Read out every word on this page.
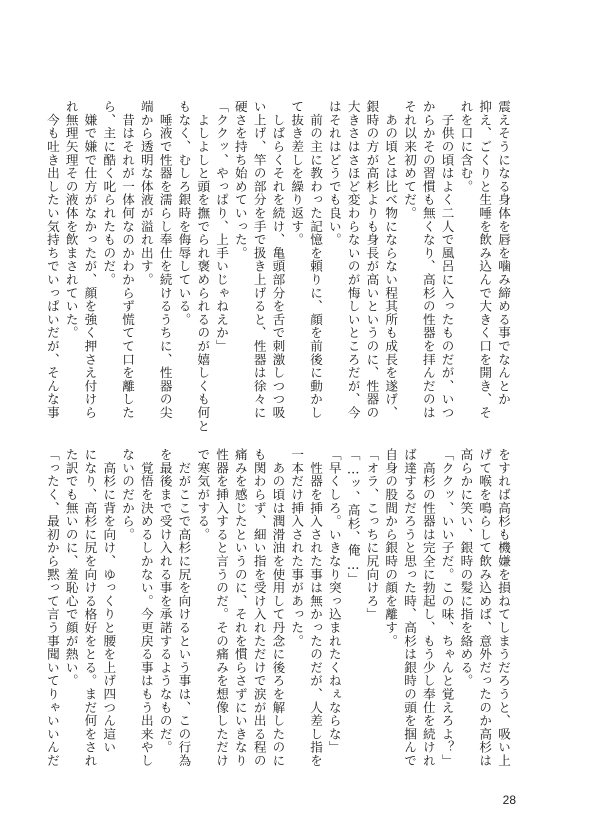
震えそうになる身体を唇を噛み締める事でなんとか
抑え、ごくりと生唾を飲み込んで大きく口を開き、そ
れを口に含む。
　子供の頃はよく二人で風呂に入ったものだが、いつ
からかその習慣も無くなり、高杉の性器を拝んだのは
それ以来初めてだ。
　あの頃とは比べ物にならない程其所も成長を遂げ、
銀時の方が高杉よりも身長が高いというのに、性器の
大きさはさほど変わらないのが悔しいところだが、今
はそれはどうでも良い。
　前の主に教わった記憶を頼りに、顔を前後に動かし
て抜き差しを繰り返す。
　しばらくそれを続け、亀頭部分を舌で刺激しつつ吸
い上げ、竿の部分を手で扱き上げると、性器は徐々に
硬さを持ち始めていった。
「ククッ、やっぱり、上手いじゃねえか」
　よしよしと頭を撫でられ褒められるのが嬉しくも何と
もなく、むしろ銀時を侮辱している。
　唾液で性器を濡らし奉仕を続けるうちに、性器の尖
端から透明な体液が溢れ出す。
　昔はそれが一体何なのかわからず慌てて口を離した
ら、主に酷く叱られたものだ。
　嫌で嫌で仕方がなかったが、顔を強く押さえ付けら
れ無理矢理その液体を飲まされていた。
　今も吐き出したい気持ちでいっぱいだが、そんな事
をすれば高杉も機嫌を損ねてしまうだろうと、吸い上
げて喉を鳴らして飲み込めば、意外だったのか高杉は
高らかに笑い、銀時の髪に指を絡める。
「ククッ、いい子だ。この味、ちゃんと覚えろよ？」
　高杉の性器は完全に勃起し、もう少し奉仕を続けれ
ば達するだろうと思った時、高杉は銀時の頭を掴んで
自身の股間から銀時の顔を離す。
「オラ、こっちに尻向けろ」
「…ッ、高杉、俺…」
「早くしろ。いきなり突っ込まれたくねぇならな」
　性器を挿入された事は無かったのだが、人差し指を
一本だけ挿入された事があった。
　あの頃は潤滑油を使用して丹念に後ろを解したのに
も関わらず、細い指を受け入れただけで涙が出る程の
痛みを感じたというのに、それを慣らさずにいきなり
性器を挿入すると言うのだ。その痛みを想像しただけ
で寒気がする。
　だがここで高杉に尻を向けるという事は、この行為
を最後まで受け入れる事を承諾するようなものだ。
　覚悟を決めるしかない。今更戻る事はもう出来やし
ないのだから。
　高杉に背を向け、ゆっくりと腰を上げ四つん這い
になり、高杉に尻を向ける格好をとる。まだ何をされ
た訳でも無いのに、羞恥心で顔が熱い。
「ったく、最初から黙って言う事聞いてりゃいいんだ
28
